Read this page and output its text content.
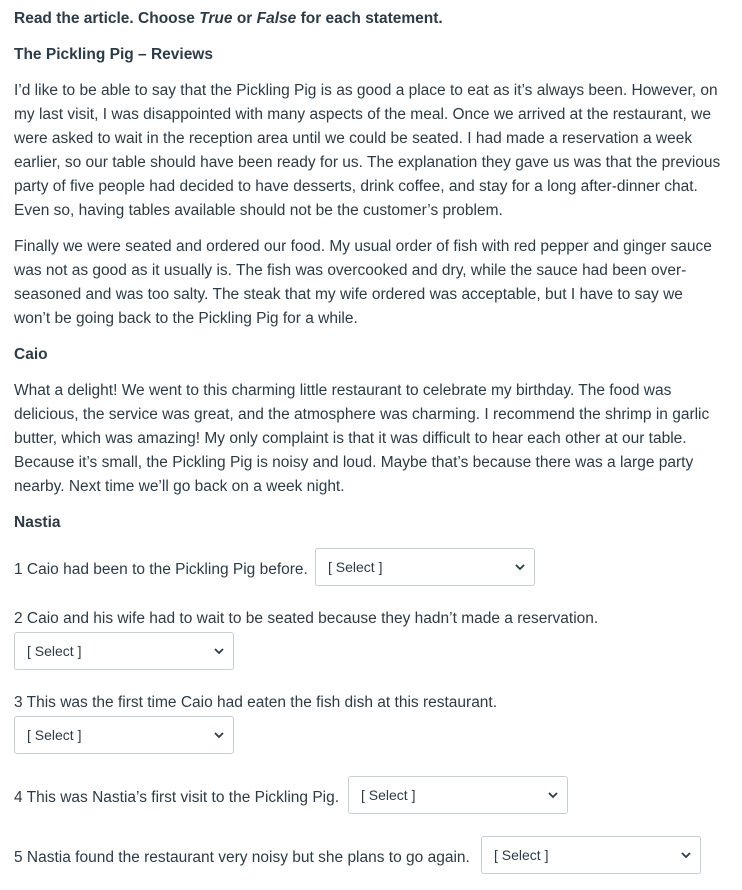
Read the article. Choose True or False for each statement.
The Pickling Pig – Reviews
I’d like to be able to say that the Pickling Pig is as good a place to eat as it’s always been. However, on
my last visit, I was disappointed with many aspects of the meal. Once we arrived at the restaurant, we
were asked to wait in the reception area until we could be seated. I had made a reservation a week
earlier, so our table should have been ready for us. The explanation they gave us was that the previous
party of five people had decided to have desserts, drink coffee, and stay for a long after-dinner chat.
Even so, having tables available should not be the customer’s problem.
Finally we were seated and ordered our food. My usual order of fish with red pepper and ginger sauce
was not as good as it usually is. The fish was overcooked and dry, while the sauce had been over-
seasoned and was too salty. The steak that my wife ordered was acceptable, but I have to say we
won’t be going back to the Pickling Pig for a while.
Caio
What a delight! We went to this charming little restaurant to celebrate my birthday. The food was
delicious, the service was great, and the atmosphere was charming. I recommend the shrimp in garlic
butter, which was amazing! My only complaint is that it was difficult to hear each other at our table.
Because it’s small, the Pickling Pig is noisy and loud. Maybe that’s because there was a large party
nearby. Next time we’ll go back on a week night.
Nastia
1 Caio had been to the Pickling Pig before. [ Select ]
2 Caio and his wife had to wait to be seated because they hadn’t made a reservation.
[ Select ]
3 This was the first time Caio had eaten the fish dish at this restaurant.
[ Select ]
4 This was Nastia’s first visit to the Pickling Pig. [ Select ]
5 Nastia found the restaurant very noisy but she plans to go again. [ Select ]
